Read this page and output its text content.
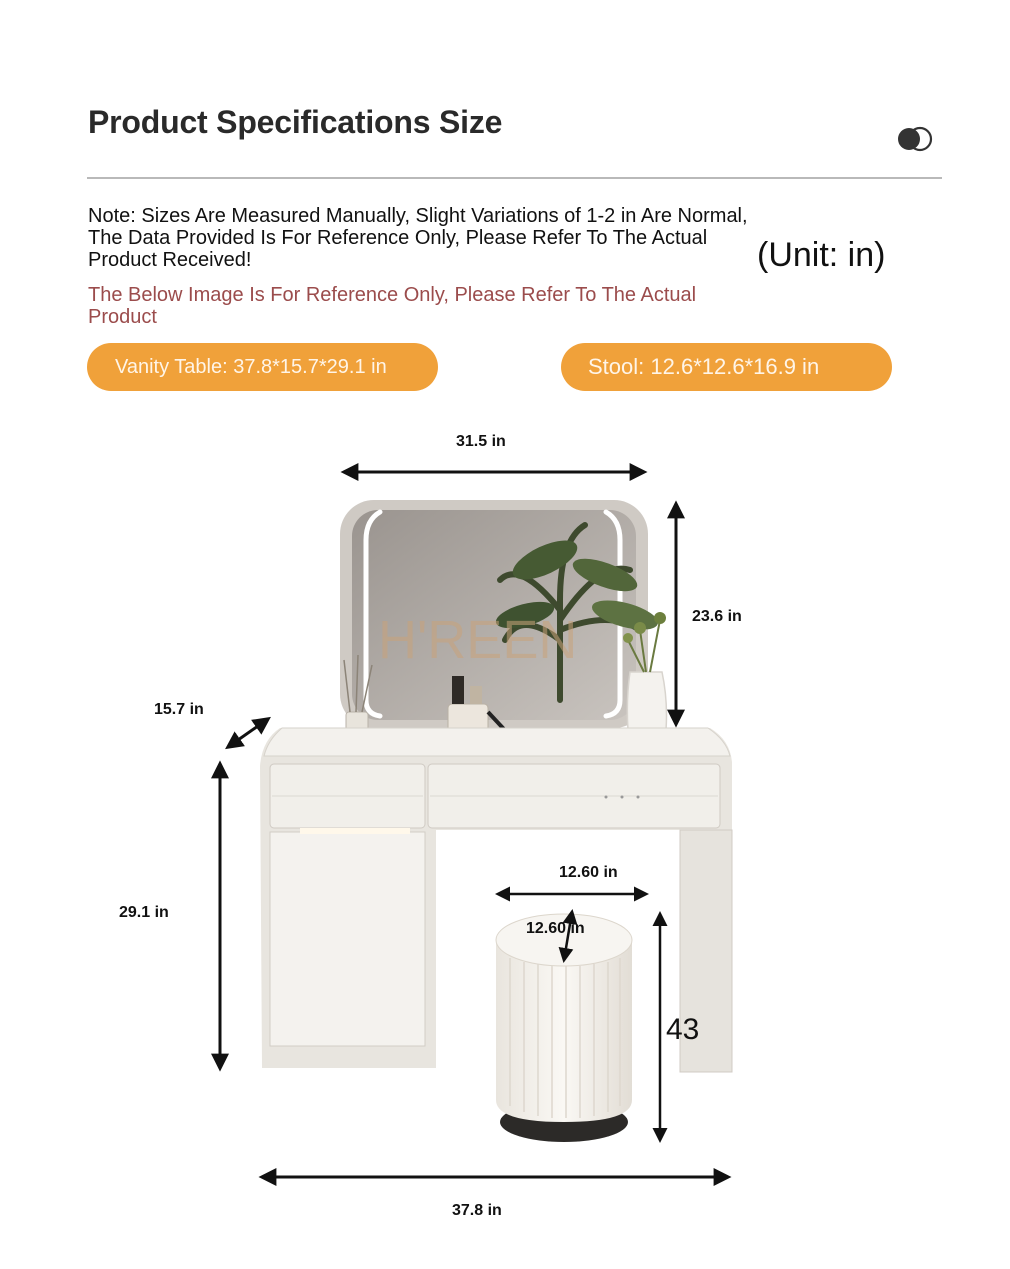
Product Specifications Size
Note: Sizes Are Measured Manually, Slight Variations of 1-2 in Are Normal, The Data Provided Is For Reference Only, Please Refer To The Actual Product Received!	(Unit: in)
The Below Image Is For Reference Only, Please Refer To The Actual Product
Vanity Table: 37.8*15.7*29.1 in	Stool: 12.6*12.6*16.9 in
H'REEN
31.5 in
23.6 in
15.7 in
29.1 in
12.60 in
12.60 in
43
37.8 in
